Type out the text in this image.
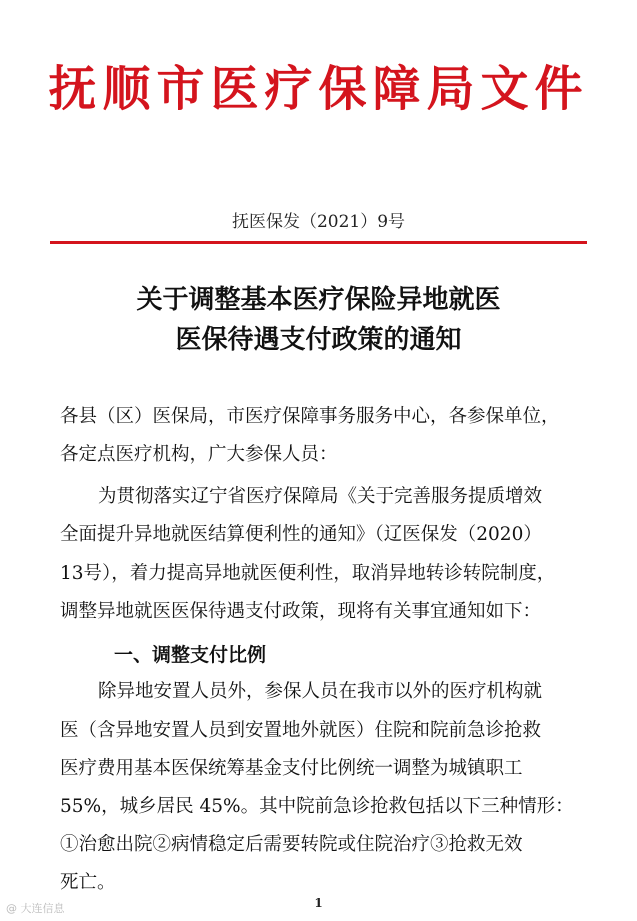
抚顺市医疗保障局文件
抚医保发（2021）9号
关于调整基本医疗保险异地就医
医保待遇支付政策的通知
各县（区）医保局，市医疗保障事务服务中心，各参保单位，
各定点医疗机构，广大参保人员：
为贯彻落实辽宁省医疗保障局《关于完善服务提质增效
全面提升异地就医结算便利性的通知》（辽医保发（2020）
13号），着力提高异地就医便利性，取消异地转诊转院制度，
调整异地就医医保待遇支付政策，现将有关事宜通知如下：
一、调整支付比例
除异地安置人员外，参保人员在我市以外的医疗机构就
医（含异地安置人员到安置地外就医）住院和院前急诊抢救
医疗费用基本医保统筹基金支付比例统一调整为城镇职工
55%，城乡居民 45%。其中院前急诊抢救包括以下三种情形：
①治愈出院②病情稳定后需要转院或住院治疗③抢救无效
死亡。
1
@ 大连信息
